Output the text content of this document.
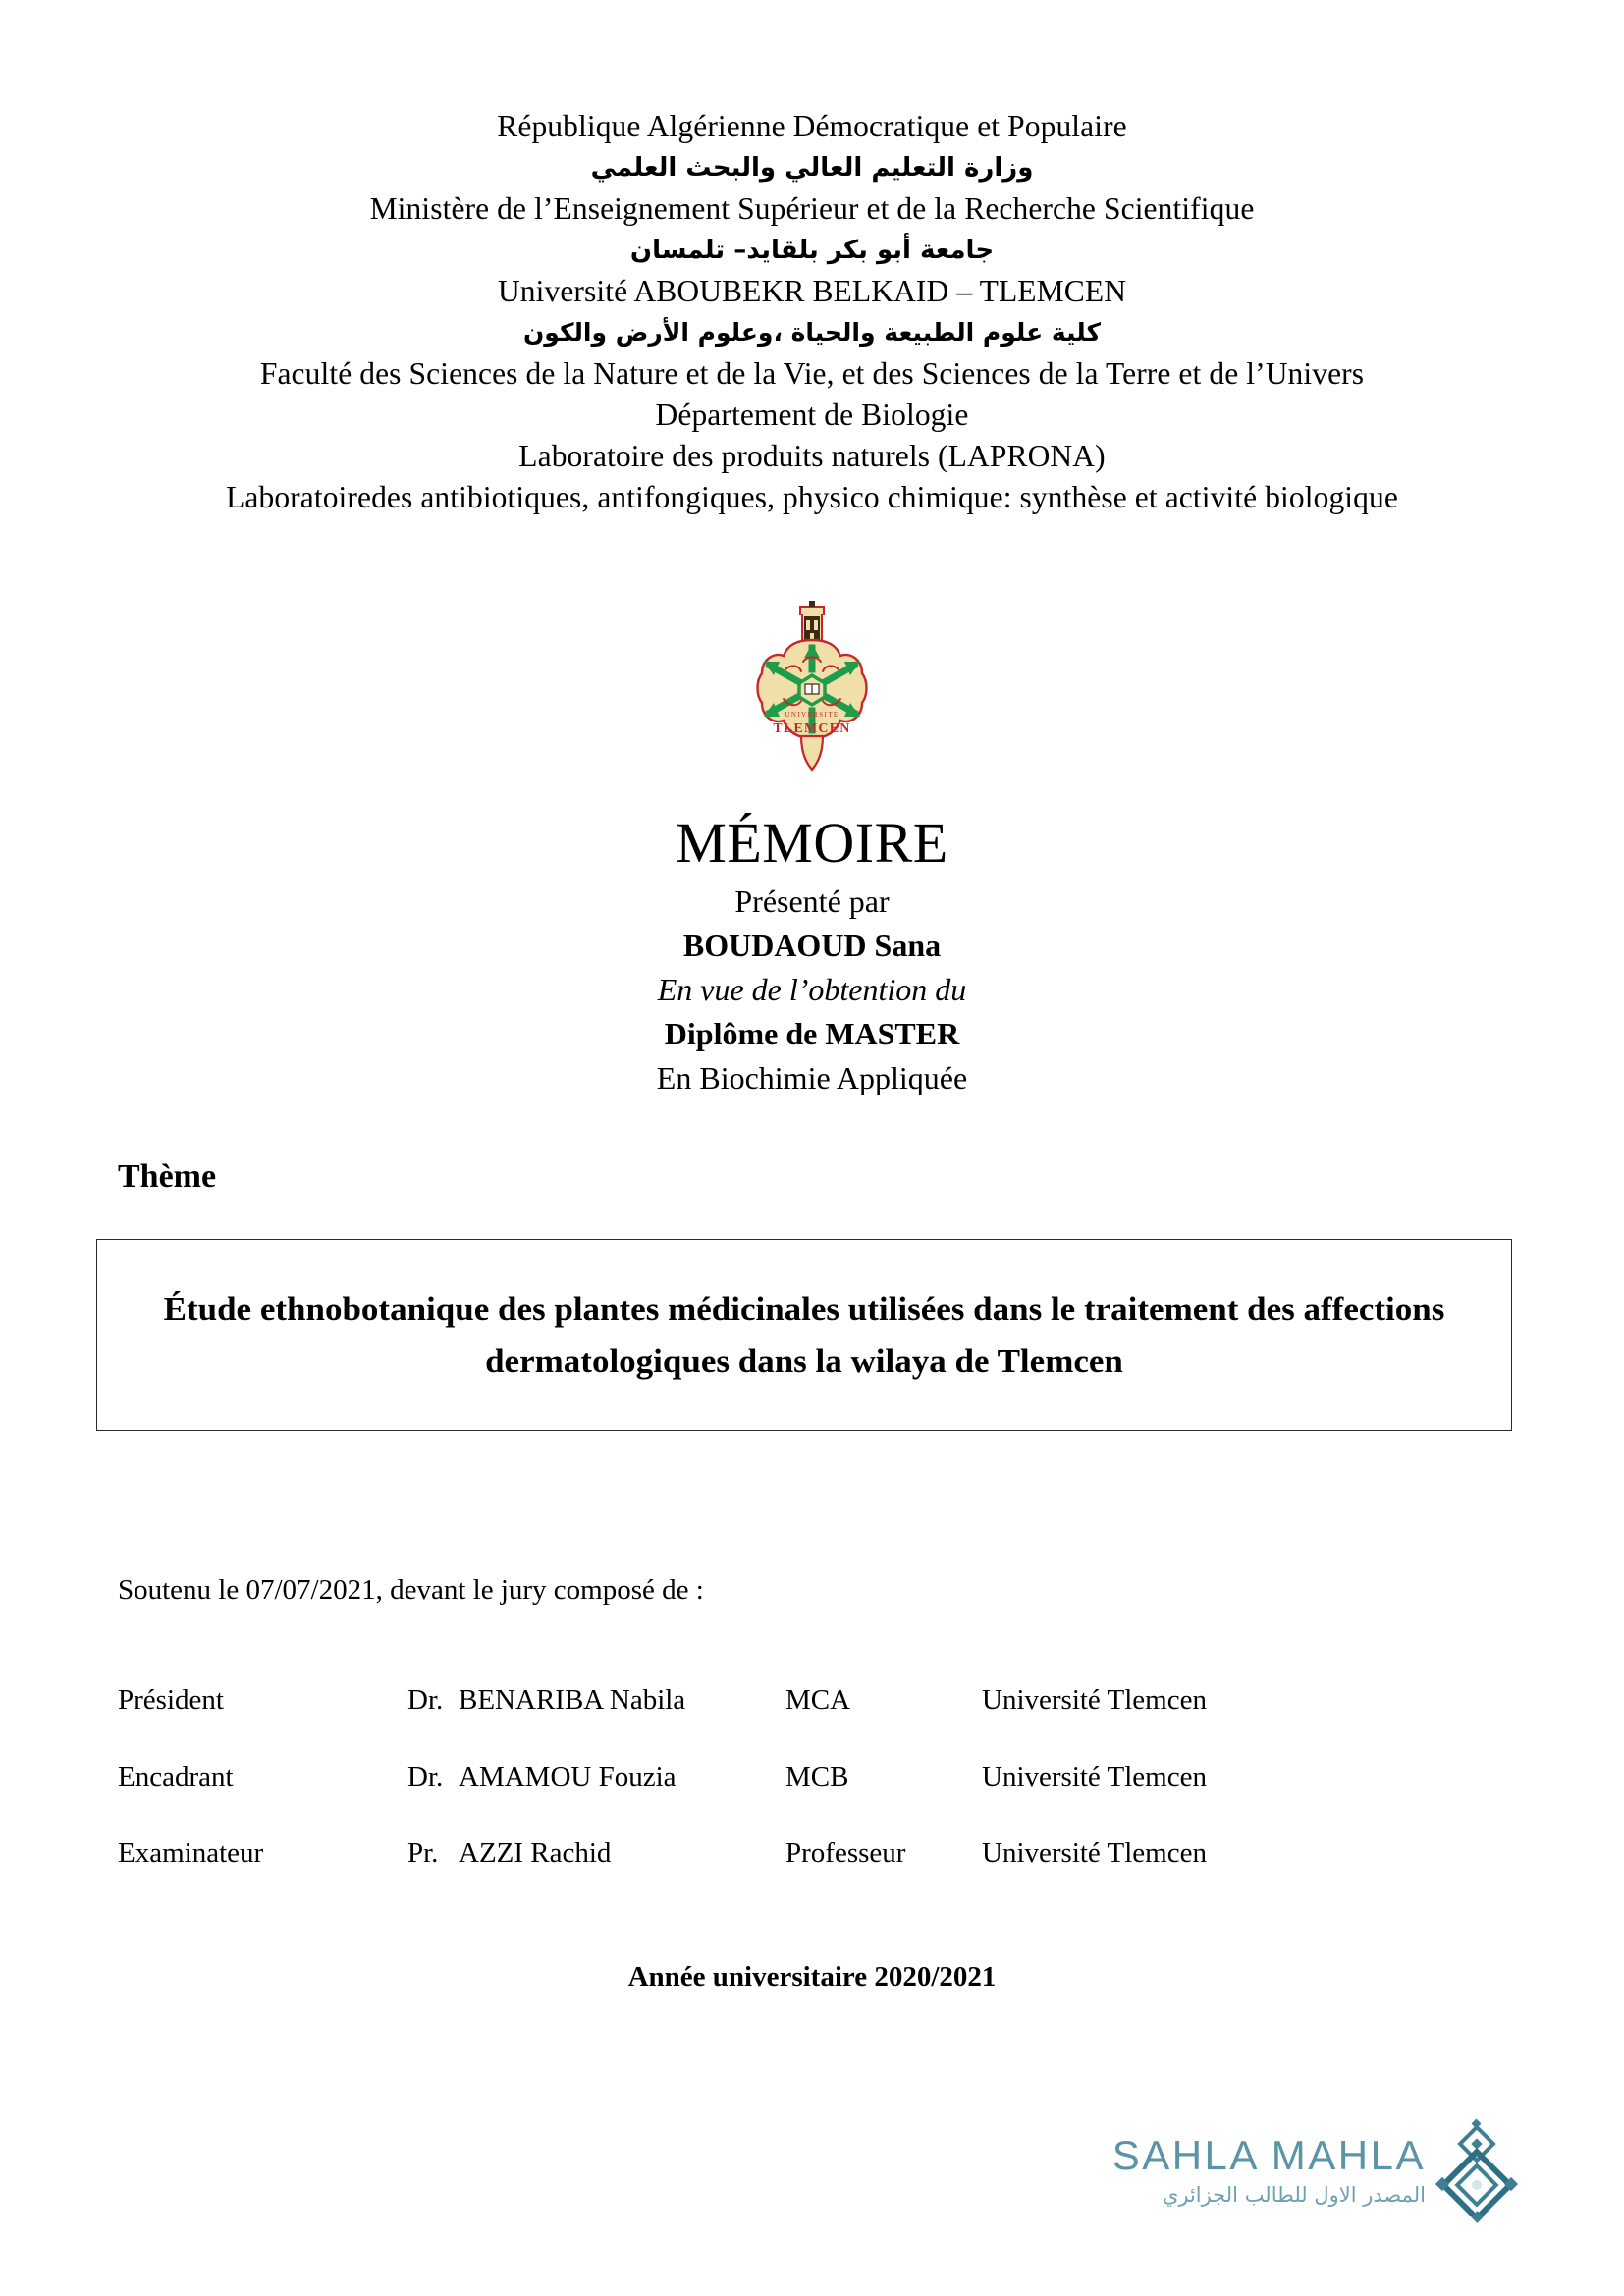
République Algérienne Démocratique et Populaire
وزارة التعليم العالي والبحث العلمي
Ministère de l’Enseignement Supérieur et de la Recherche Scientifique
جامعة أبو بكر بلقايد– تلمسان
Université ABOUBEKR BELKAID – TLEMCEN
كلية علوم الطبيعة والحياة ،وعلوم الأرض والكون
Faculté des Sciences de la Nature et de la Vie, et des Sciences de la Terre et de l’Univers
Département de Biologie
Laboratoire des produits naturels (LAPRONA)
Laboratoiredes antibiotiques, antifongiques, physico chimique: synthèse et activité biologique
UNIVERSITE
TLEMCEN
MÉMOIRE
Présenté par
BOUDAOUD Sana
En vue de l’obtention du
Diplôme de MASTER
En Biochimie Appliquée
Thème
Étude ethnobotanique des plantes médicinales utilisées dans le traitement des affections dermatologiques dans la wilaya de Tlemcen
Soutenu le 07/07/2021, devant le jury composé de :
Président	Dr. BENARIBA Nabila	MCA	Université Tlemcen
Encadrant	Dr. AMAMOU Fouzia	MCB	Université Tlemcen
Examinateur	Pr. AZZI Rachid	Professeur	Université Tlemcen
Année universitaire 2020/2021
SAHLA MAHLA
المصدر الاول للطالب الجزائري
